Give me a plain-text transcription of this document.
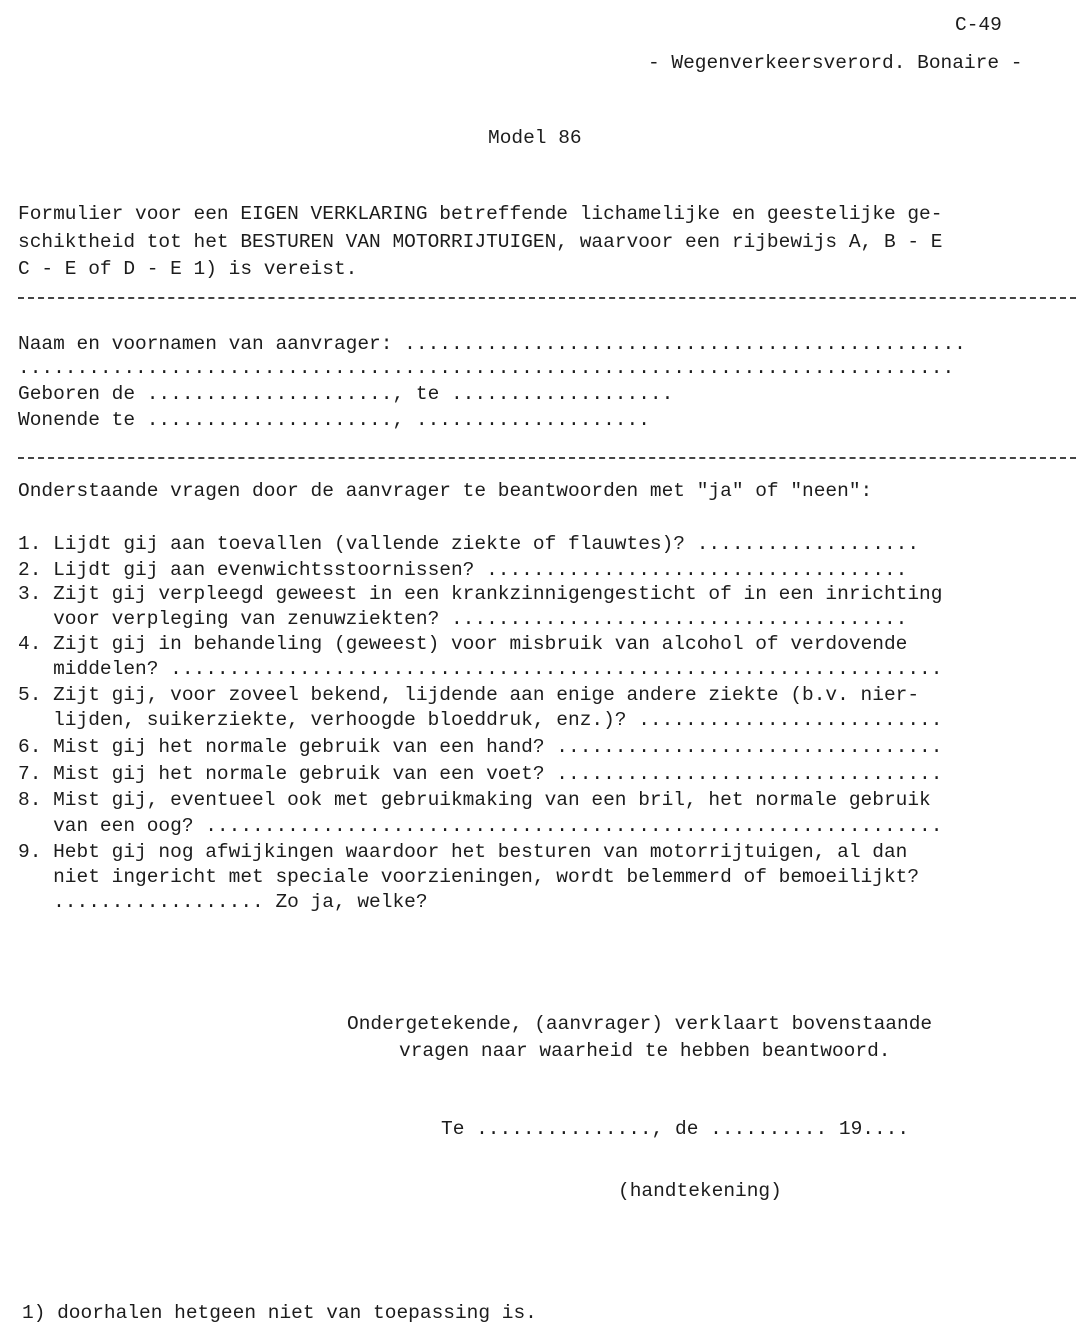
C-49
- Wegenverkeersverord. Bonaire -
Model 86
Formulier voor een EIGEN VERKLARING betreffende lichamelijke en geestelijke ge-
schiktheid tot het BESTUREN VAN MOTORRIJTUIGEN, waarvoor een rijbewijs A, B - E
C - E of D - E 1) is vereist.
Naam en voornamen van aanvrager: ................................................
................................................................................
Geboren de ....................., te ...................
Wonende te ....................., ....................
Onderstaande vragen door de aanvrager te beantwoorden met "ja" of "neen":
1. Lijdt gij aan toevallen (vallende ziekte of flauwtes)? ...................
2. Lijdt gij aan evenwichtsstoornissen? ....................................
3. Zijt gij verpleegd geweest in een krankzinnigengesticht of in een inrichting
voor verpleging van zenuwziekten? .......................................
4. Zijt gij in behandeling (geweest) voor misbruik van alcohol of verdovende
middelen? ..................................................................
5. Zijt gij, voor zoveel bekend, lijdende aan enige andere ziekte (b.v. nier-
lijden, suikerziekte, verhoogde bloeddruk, enz.)? ..........................
6. Mist gij het normale gebruik van een hand? .................................
7. Mist gij het normale gebruik van een voet? .................................
8. Mist gij, eventueel ook met gebruikmaking van een bril, het normale gebruik
van een oog? ...............................................................
9. Hebt gij nog afwijkingen waardoor het besturen van motorrijtuigen, al dan
niet ingericht met speciale voorzieningen, wordt belemmerd of bemoeilijkt?
.................. Zo ja, welke?
Ondergetekende, (aanvrager) verklaart bovenstaande
vragen naar waarheid te hebben beantwoord.
Te ..............., de .......... 19....
(handtekening)
1) doorhalen hetgeen niet van toepassing is.
